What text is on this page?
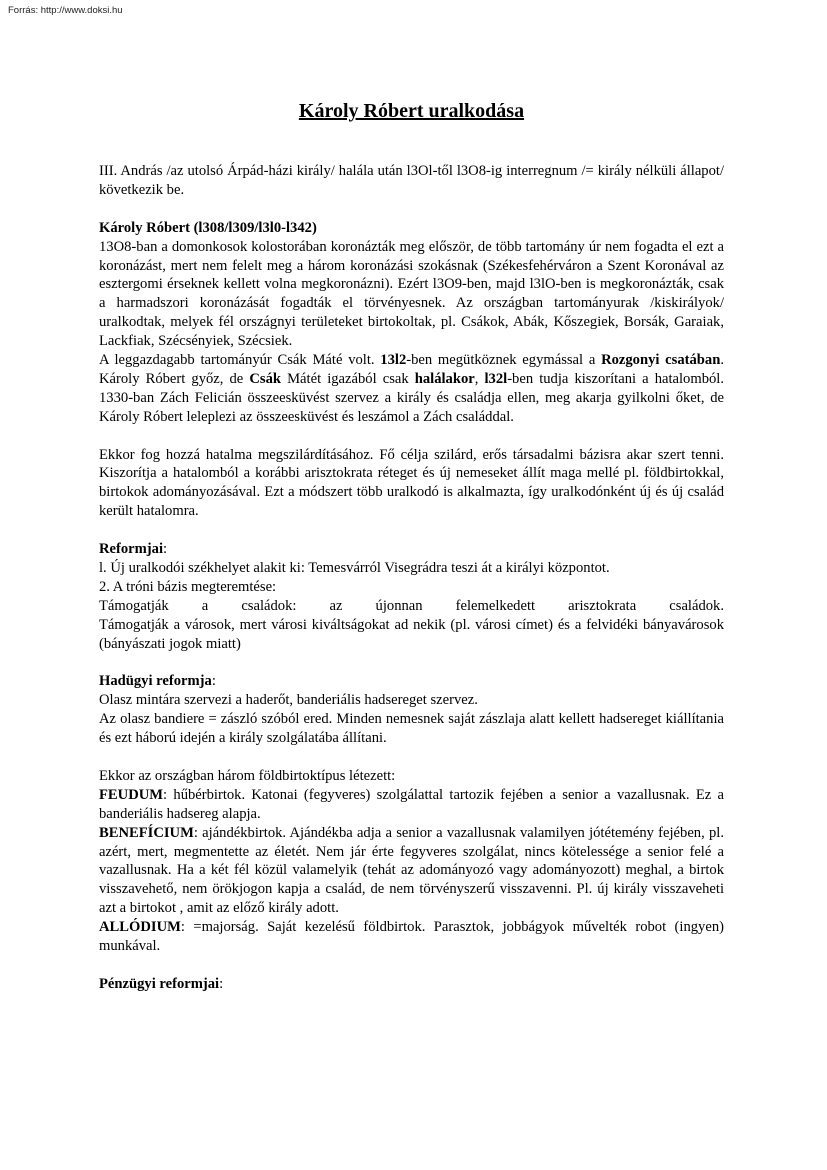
Forrás: http://www.doksi.hu
Károly Róbert uralkodása

III. András /az utolsó Árpád-házi király/ halála után l3Ol-től l3O8-ig interregnum /= király nélküli állapot/ következik be.

Károly Róbert (l308/l309/l3l0-l342)

13O8-ban a domonkosok kolostorában koronázták meg először, de több tartomány úr nem fogadta el ezt a koronázást, mert nem felelt meg a három koronázási szokásnak (Székesfehérváron a Szent Koronával az esztergomi érseknek kellett volna megkoronázni). Ezért l3O9-ben, majd l3lO-ben is megkoronázták, csak a harmadszori koronázását fogadták el törvényesnek. Az országban tartományurak /kiskirályok/ uralkodtak, melyek fél országnyi területeket birtokoltak, pl. Csákok, Abák, Kőszegiek, Borsák, Garaiak, Lackfiak, Szécsényiek, Szécsiek.

A leggazdagabb tartományúr Csák Máté volt. 13l2-ben megütköznek egymással a Rozgonyi csatában. Károly Róbert győz, de Csák Mátét igazából csak halálakor, l32l-ben tudja kiszorítani a hatalomból. 1330-ban Zách Felicián összeesküvést szervez a király és családja ellen, meg akarja gyilkolni őket, de Károly Róbert leleplezi az összeesküvést és leszámol a Zách családdal.

Ekkor fog hozzá hatalma megszilárdításához. Fő célja szilárd, erős társadalmi bázisra akar szert tenni. Kiszorítja a hatalomból a korábbi arisztokrata réteget és új nemeseket állít maga mellé pl. földbirtokkal, birtokok adományozásával. Ezt a módszert több uralkodó is alkalmazta, így uralkodónként új és új család került hatalomra.

Reformjai:

l. Új uralkodói székhelyet alakit ki: Temesvárról Visegrádra teszi át a királyi központot.

2. A tróni bázis megteremtése:

Támogatják a családok: az újonnan felemelkedett arisztokrata családok.

Támogatják a városok, mert városi kiváltságokat ad nekik (pl. városi címet) és a felvidéki bányavárosok (bányászati jogok miatt)

Hadügyi reformja:

Olasz mintára szervezi a haderőt, banderiális hadsereget szervez.

Az olasz bandiere = zászló szóból ered. Minden nemesnek saját zászlaja alatt kellett hadsereget kiállítania és ezt háború idején a király szolgálatába állítani.

Ekkor az országban három földbirtoktípus létezett:

FEUDUM: hűbérbirtok. Katonai (fegyveres) szolgálattal tartozik fejében a senior a vazallusnak. Ez a banderiális hadsereg alapja.

BENEFÍCIUM: ajándékbirtok. Ajándékba adja a senior a vazallusnak valamilyen jótétemény fejében, pl. azért, mert, megmentette az életét. Nem jár érte fegyveres szolgálat, nincs kötelessége a senior felé a vazallusnak. Ha a két fél közül valamelyik (tehát az adományozó vagy adományozott) meghal, a birtok visszavehető, nem örökjogon kapja a család, de nem törvényszerű visszavenni. Pl. új király visszaveheti azt a birtokot , amit az előző király adott.

ALLÓDIUM: =majorság. Saját kezelésű földbirtok. Parasztok, jobbágyok művelték robot (ingyen) munkával.

Pénzügyi reformjai:
